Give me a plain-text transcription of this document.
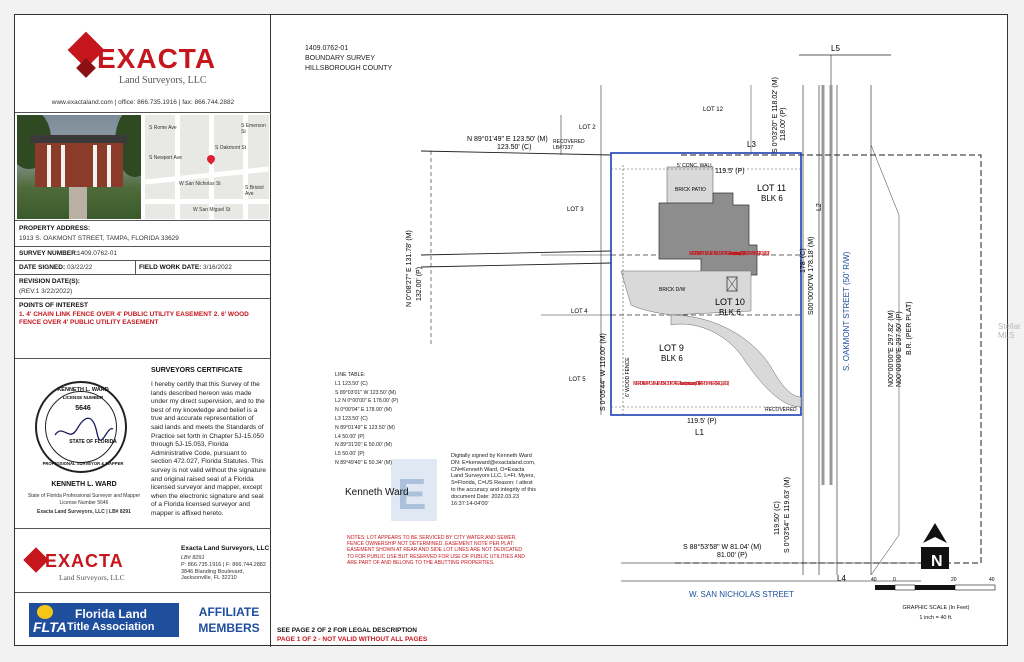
EXACTA
Land Surveyors, LLC
www.exactaland.com | office: 866.735.1916 | fax: 866.744.2882
S Oakmont St
S Rome Ave
W San Nicholas St
W San Miguel St
S Bristol Ave
S Emerson St
S Newport Ave
PROPERTY ADDRESS:
1913 S. OAKMONT STREET, TAMPA, FLORIDA 33629
SURVEY NUMBER: 1409.0762-01
DATE SIGNED: 03/22/22	FIELD WORK DATE: 3/16/2022
REVISION DATE(S):
(REV.1 3/22/2022)
POINTS OF INTEREST
1. 4' CHAIN LINK FENCE OVER 4' PUBLIC UTILITY EASEMENT 2. 6' WOOD FENCE OVER 4' PUBLIC UTILITY EASEMENT
KENNETH L. WARD
LICENSE NUMBER
5646
STATE OF FLORIDA
PROFESSIONAL SURVEYOR & MAPPER
SURVEYORS CERTIFICATE
I hereby certify that this Survey of the lands described hereon was made under my direct supervision, and to the best of my knowledge and belief is a true and accurate representation of said lands and meets the Standards of Practice set forth in Chapter 5J-15.050 through 5J-15.053, Florida Administrative Code, pursuant to section 472.027, Florida Statutes. This survey is not valid without the signature and original raised seal of a Florida licensed surveyor and mapper, except when the electronic signature and seal of a Florida licensed surveyor and mapper is affixed hereto.
KENNETH L. WARD
State of Florida Professional Surveyor and Mapper
License Number 5646
Exacta Land Surveyors, LLC | LB# 8291
EXACTA
Land Surveyors, LLC
Exacta Land Surveyors, LLC
LB# 8291
P: 866.735.1916 | F: 866.744.2882
3846 Blanding Boulevard, Jacksonville, FL 32210
FLTA
Florida Land
Title Association
AFFILIATE
MEMBERS
1409.0762-01
BOUNDARY SURVEY
HILLSBOROUGH COUNTY
E
N 89°01'49" E 123.50' (M)
123.50' (C)
N 0°08'27" E 131.78' (M) 132.00' (P)
S 88°53'58" W 81.04' (M)
81.00' (P)
S 0°03'54" E 119.63' (M)
119.50' (C)
S 0°03'20" E 118.02' (M) 118.00' (P)
119.5' (P)
119.5' (P)
S 0°05'44" W 110.00' (M)	N00°00'00"E 297.82' (M) N00°00'00"E 297.50' (P) B.R. (PER PLAT)
S. OAKMONT STREET (50' R/W)
S00°00'00"W 178.18' (M)
178' (C)
W. SAN NICHOLAS STREET
LOT 11
BLK 6
LOT 10
BLK 6
LOT 9
BLK 6
LOT 12
LOT 2
LOT 3
LOT 4
LOT 5
INTERIOR IMPROVEMENTS NOT UPDATED 4 based on previous survey 2014 (PER OWNERS REQUEST)
INTERIOR IMPROVEMENTS NOT UPDATED 4 based on previous survey 2014 (PER OWNERS REQUEST)
BRICK PATIO
BRICK D/W
6' WOOD FENCE
5' CONC. WALL
RECOVERED
LB#7337
RECOVERED
L1
L3
L4
L5
L2
N
40	0	20	40
LINE TABLE:
L1 123.50' (C)
S 89°03'01" W 123.50' (M)
L2 N 0°00'00" E 178.00' (P)
N 0°00'04" E 178.00' (M)
L3 123.50' (C)
N 89°01'49" E 123.50' (M)
L4 50.00' (P)
N 89°31'20" E 50.00' (M)
L5 50.00' (P)
N 89°49'40" E 50.34' (M)
Kenneth Ward
Digitally signed by Kenneth Ward DN: E=kenward@exactaland.com, CN=Kenneth Ward, O=Exacta Land Surveyors LLC, L=Ft. Myers, S=Florida, C=US Reason: I attest to the accuracy and integrity of this document Date: 2022.03.23 16:37:14-04'00'
NOTES: LOT APPEARS TO BE SERVICED BY CITY WATER AND SEWER. FENCE OWNERSHIP NOT DETERMINED. EASEMENT NOTE PER PLAT: EASEMENT SHOWN AT REAR AND SIDE LOT LINES ARE NOT DEDICATED TO FOR PUBLIC USE BUT RESERVED FOR USE OF PUBLIC UTILITIES AND ARE PART OF AND BELONG TO THE ABUTTING PROPERTIES.
GRAPHIC SCALE (In Feet)
1 inch = 40 ft.
SEE PAGE 2 OF 2 FOR LEGAL DESCRIPTION
PAGE 1 OF 2 - NOT VALID WITHOUT ALL PAGES
Stellar MLS
